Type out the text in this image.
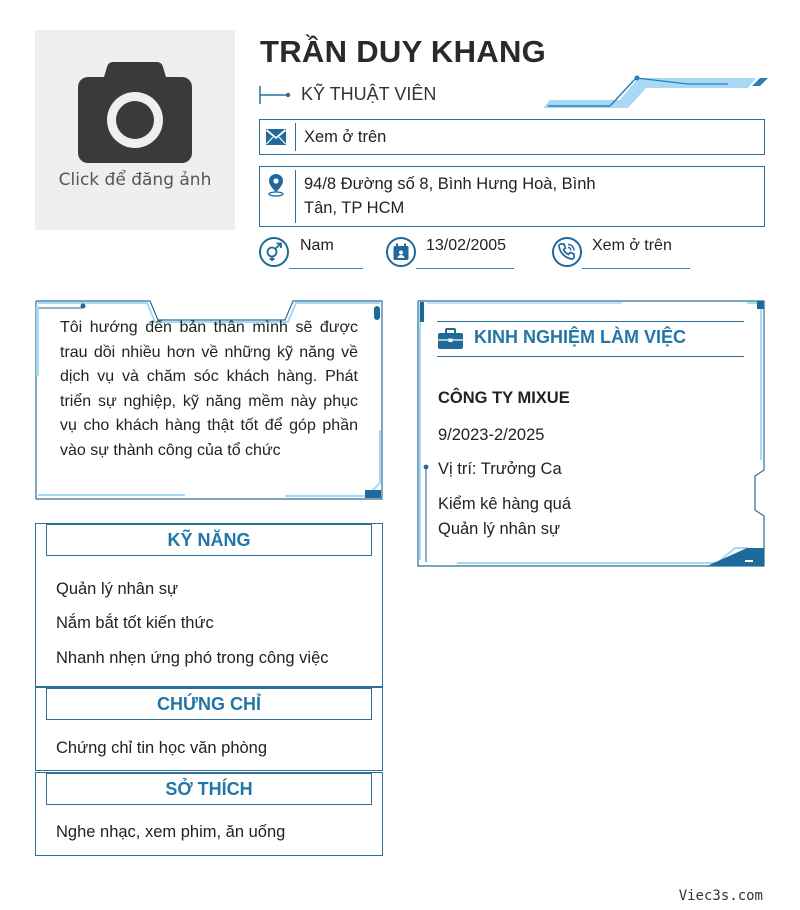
Click để đăng ảnh
TRẦN DUY KHANG
KỸ THUẬT VIÊN
Xem ở trên
94/8 Đường số 8, Bình Hưng Hoà, Bình
Tân, TP HCM
Nam	13/02/2005	Xem ở trên
Tôi hướng đến bản thân mình sẽ được trau dồi nhiều hơn về những kỹ năng về dịch vụ và chăm sóc khách hàng. Phát triển sự nghiệp, kỹ năng mềm này phục vụ cho khách hàng thật tốt để góp phần vào sự thành công của tổ chức
KỸ NĂNG
Quản lý nhân sự
Nắm bắt tốt kiến thức
Nhanh nhẹn ứng phó trong công việc
CHỨNG CHỈ
Chứng chỉ tin học văn phòng
SỞ THÍCH
Nghe nhạc, xem phim, ăn uống
KINH NGHIỆM LÀM VIỆC
CÔNG TY MIXUE
9/2023-2/2025
Vị trí: Trưởng Ca
Kiểm kê hàng quá
Quản lý nhân sự
Viec3s.com
